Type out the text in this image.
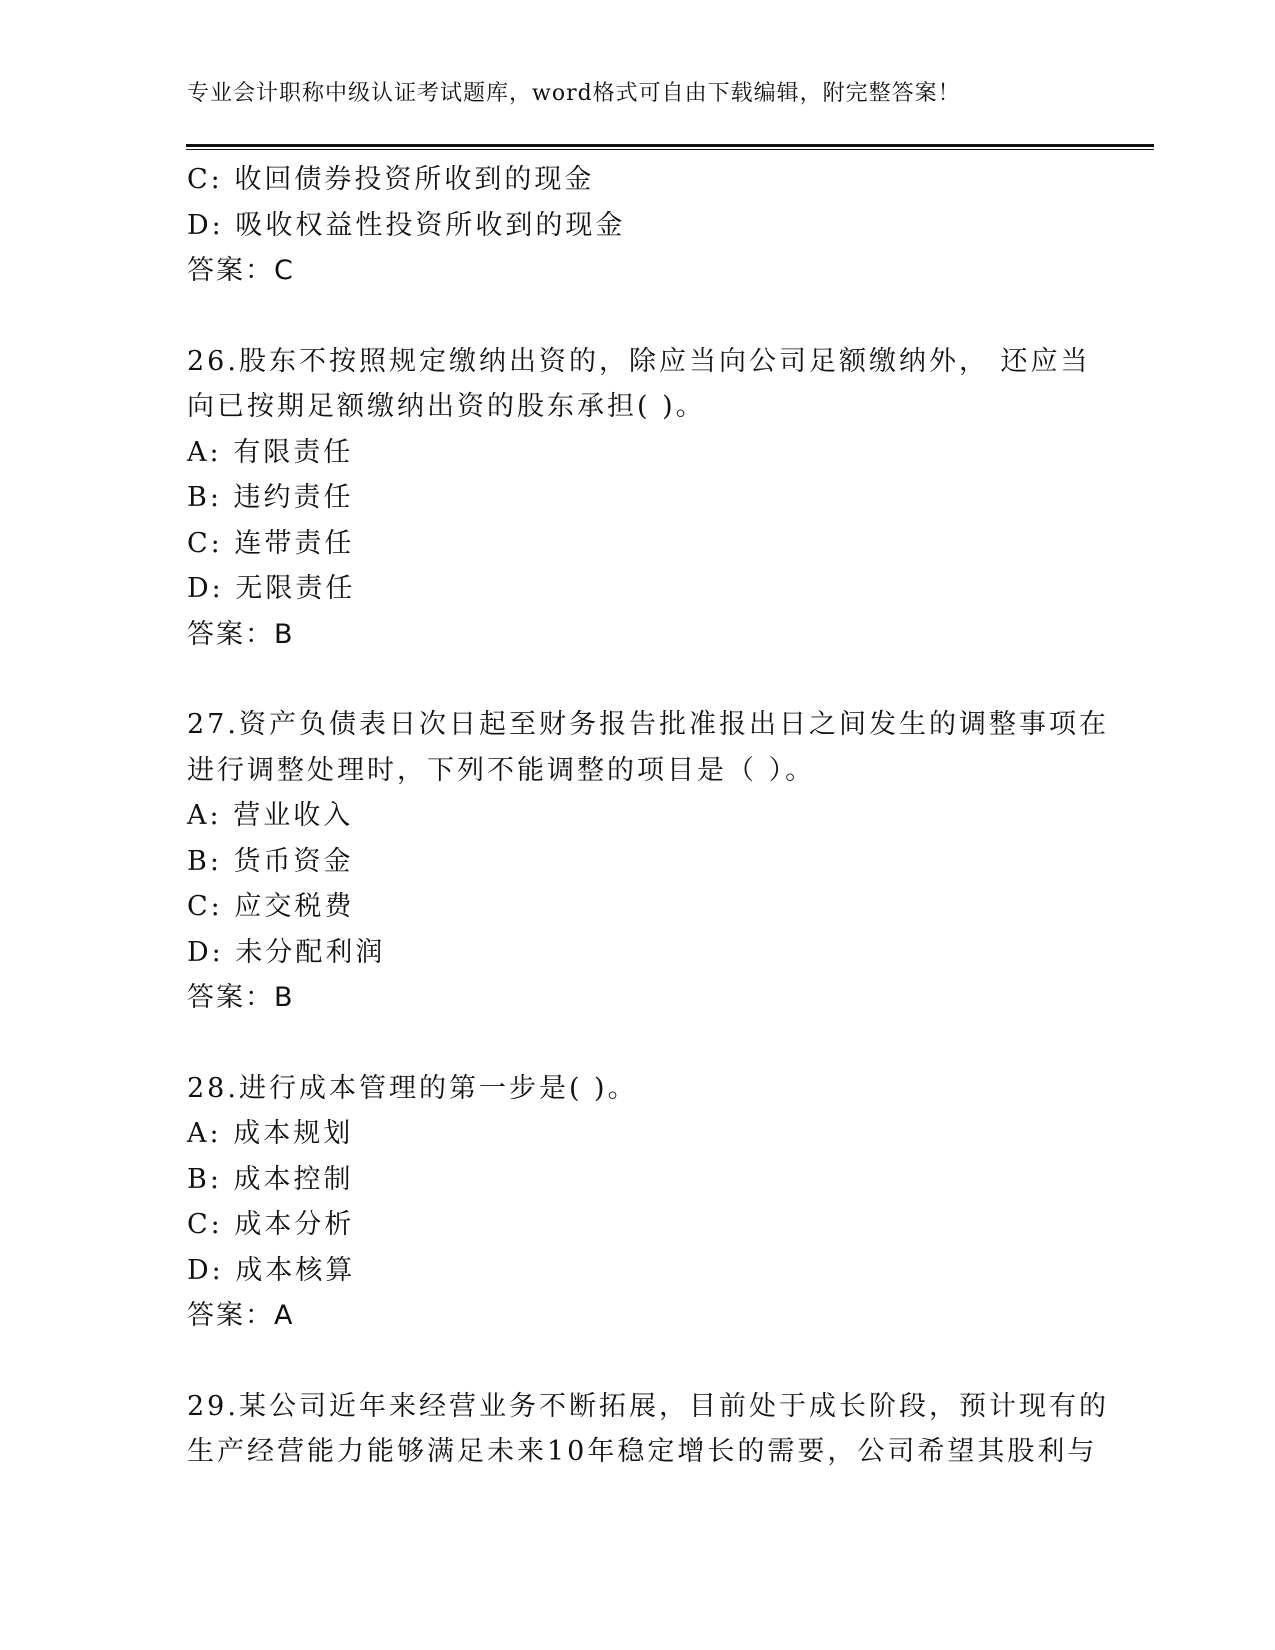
专业会计职称中级认证考试题库，word格式可自由下载编辑，附完整答案！
C: 收回债券投资所收到的现金
D: 吸收权益性投资所收到的现金
答案：C
26.股东不按照规定缴纳出资的，除应当向公司足额缴纳外， 还应当
向已按期足额缴纳出资的股东承担( )。
A: 有限责任
B: 违约责任
C: 连带责任
D: 无限责任
答案：B
27.资产负债表日次日起至财务报告批准报出日之间发生的调整事项在
进行调整处理时，下列不能调整的项目是（ ）。
A: 营业收入
B: 货币资金
C: 应交税费
D: 未分配利润
答案：B
28.进行成本管理的第一步是( )。
A: 成本规划
B: 成本控制
C: 成本分析
D: 成本核算
答案：A
29.某公司近年来经营业务不断拓展，目前处于成长阶段，预计现有的
生产经营能力能够满足未来10年稳定增长的需要，公司希望其股利与
